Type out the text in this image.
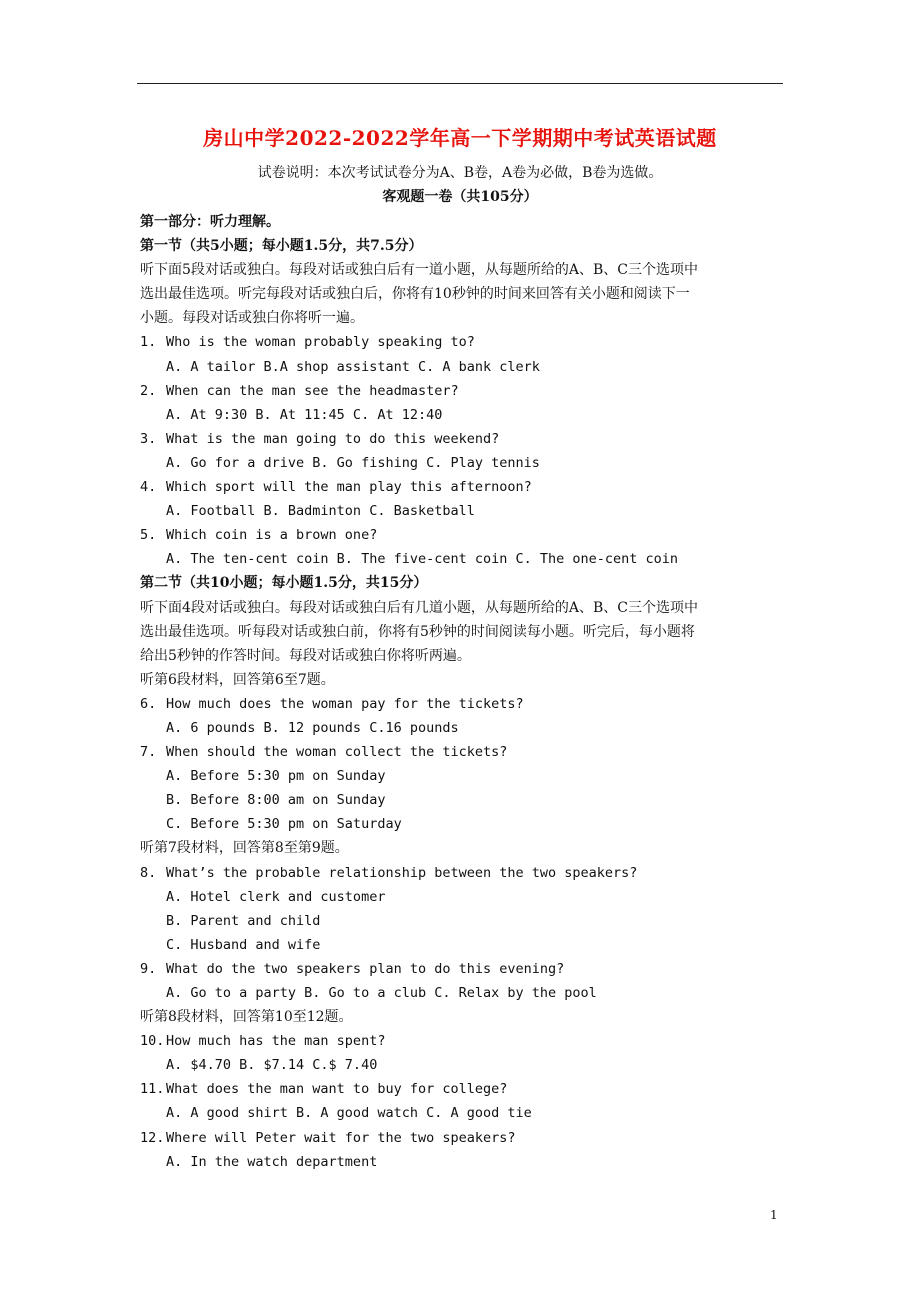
房山中学2022-2022学年高一下学期期中考试英语试题
试卷说明：本次考试试卷分为A、B卷，A卷为必做，B卷为选做。
客观题一卷（共105分）
第一部分：听力理解。
第一节（共5小题；每小题1.5分，共7.5分）
听下面5段对话或独白。每段对话或独白后有一道小题，从每题所给的A、B、C三个选项中
选出最佳选项。听完每段对话或独白后，你将有10秒钟的时间来回答有关小题和阅读下一
小题。每段对话或独白你将听一遍。
1. Who is the woman probably speaking to?
A. A tailor B.A shop assistant C. A bank clerk
2. When can the man see the headmaster?
A. At 9:30 B. At 11:45 C. At 12:40
3. What is the man going to do this weekend?
A. Go for a drive B. Go fishing C. Play tennis
4. Which sport will the man play this afternoon?
A. Football B. Badminton C. Basketball
5. Which coin is a brown one?
A. The ten-cent coin B. The five-cent coin C. The one-cent coin
第二节（共10小题；每小题1.5分，共15分）
听下面4段对话或独白。每段对话或独白后有几道小题，从每题所给的A、B、C三个选项中
选出最佳选项。听每段对话或独白前，你将有5秒钟的时间阅读每小题。听完后，每小题将
给出5秒钟的作答时间。每段对话或独白你将听两遍。
听第6段材料，回答第6至7题。
6. How much does the woman pay for the tickets?
A. 6 pounds B. 12 pounds C.16 pounds
7. When should the woman collect the tickets?
A. Before 5:30 pm on Sunday
B. Before 8:00 am on Sunday
C. Before 5:30 pm on Saturday
听第7段材料，回答第8至第9题。
8. What’s the probable relationship between the two speakers?
A. Hotel clerk and customer
B. Parent and child
C. Husband and wife
9. What do the two speakers plan to do this evening?
A. Go to a party B. Go to a club C. Relax by the pool
听第8段材料，回答第10至12题。
10. How much has the man spent?
A. $4.70 B. $7.14 C.$ 7.40
11. What does the man want to buy for college?
A. A good shirt B. A good watch C. A good tie
12. Where will Peter wait for the two speakers?
A. In the watch department
1
